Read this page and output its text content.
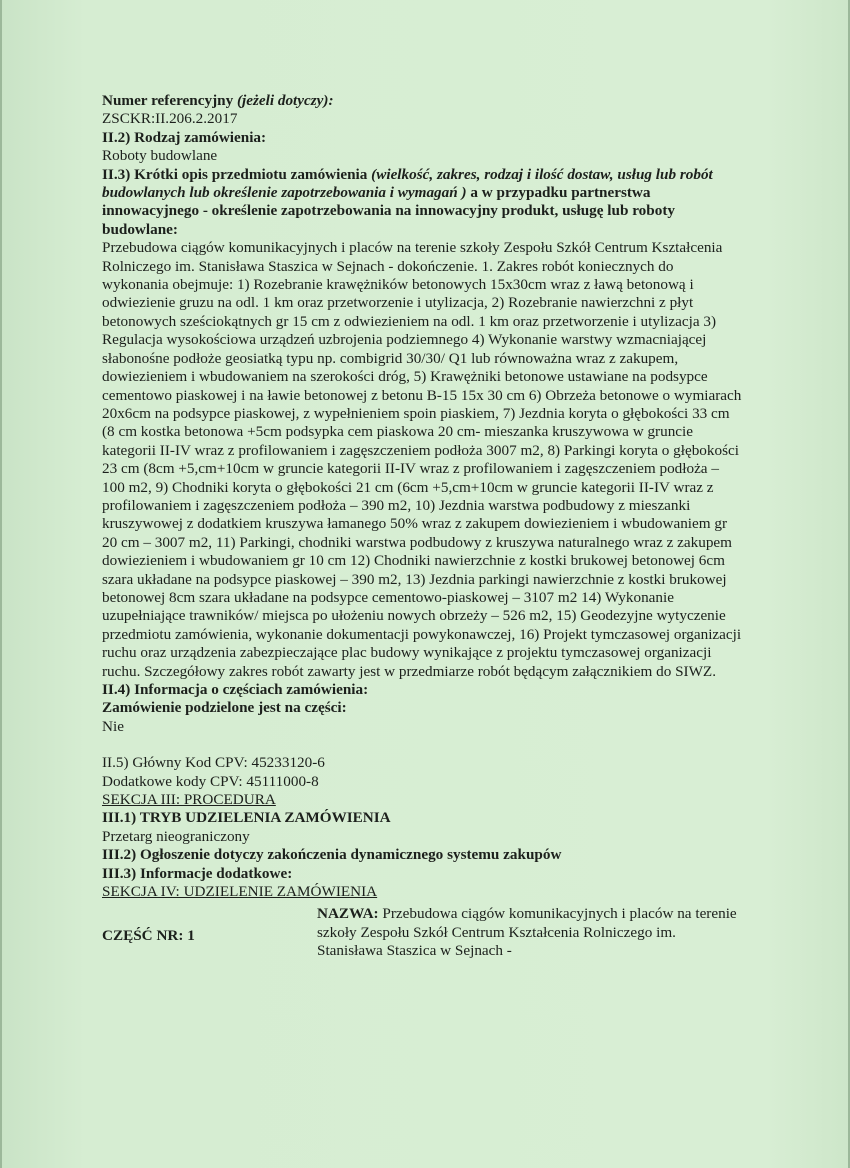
Numer referencyjny (jeżeli dotyczy):
ZSCKR:II.206.2.2017
II.2) Rodzaj zamówienia:
Roboty budowlane
II.3) Krótki opis przedmiotu zamówienia (wielkość, zakres, rodzaj i ilość dostaw, usług lub robót budowlanych lub określenie zapotrzebowania i wymagań ) a w przypadku partnerstwa innowacyjnego - określenie zapotrzebowania na innowacyjny produkt, usługę lub roboty budowlane:

Przebudowa ciągów komunikacyjnych i placów na terenie szkoły Zespołu Szkół Centrum Kształcenia Rolniczego im. Stanisława Staszica w Sejnach - dokończenie. 1. Zakres robót koniecznych do wykonania obejmuje: 1) Rozebranie krawężników betonowych 15x30cm wraz z ławą betonową i odwiezienie gruzu na odl. 1 km oraz przetworzenie i utylizacja, 2) Rozebranie nawierzchni z płyt betonowych sześciokątnych gr 15 cm z odwiezieniem na odl. 1 km oraz przetworzenie i utylizacja 3) Regulacja wysokościowa urządzeń uzbrojenia podziemnego 4) Wykonanie warstwy wzmacniającej słabonośne podłoże geosiatką typu np. combigrid 30/30/ Q1 lub równoważna wraz z zakupem, dowiezieniem i wbudowaniem na szerokości dróg, 5) Krawężniki betonowe ustawiane na podsypce cementowo piaskowej i na ławie betonowej z betonu B-15 15x 30 cm 6) Obrzeża betonowe o wymiarach 20x6cm na podsypce piaskowej, z wypełnieniem spoin piaskiem, 7) Jezdnia koryta o głębokości 33 cm (8 cm kostka betonowa +5cm podsypka cem piaskowa 20 cm- mieszanka kruszywowa w gruncie kategorii II-IV wraz z profilowaniem i zagęszczeniem podłoża 3007 m2, 8) Parkingi koryta o głębokości 23 cm (8cm +5,cm+10cm w gruncie kategorii II-IV wraz z profilowaniem i zagęszczeniem podłoża – 100 m2, 9) Chodniki koryta o głębokości 21 cm (6cm +5,cm+10cm w gruncie kategorii II-IV wraz z profilowaniem i zagęszczeniem podłoża – 390 m2, 10) Jezdnia warstwa podbudowy z mieszanki kruszywowej z dodatkiem kruszywa łamanego 50% wraz z zakupem dowiezieniem i wbudowaniem gr 20 cm – 3007 m2, 11) Parkingi, chodniki warstwa podbudowy z kruszywa naturalnego wraz z zakupem dowiezieniem i wbudowaniem gr 10 cm 12) Chodniki nawierzchnie z kostki brukowej betonowej 6cm szara układane na podsypce piaskowej – 390 m2, 13) Jezdnia parkingi nawierzchnie z kostki brukowej betonowej 8cm szara układane na podsypce cementowo-piaskowej – 3107 m2 14) Wykonanie uzupełniające trawników/ miejsca po ułożeniu nowych obrzeży – 526 m2, 15) Geodezyjne wytyczenie przedmiotu zamówienia, wykonanie dokumentacji powykonawczej, 16) Projekt tymczasowej organizacji ruchu oraz urządzenia zabezpieczające plac budowy wynikające z projektu tymczasowej organizacji ruchu. Szczegółowy zakres robót zawarty jest w przedmiarze robót będącym załącznikiem do SIWZ.

II.4) Informacja o częściach zamówienia:
Zamówienie podzielone jest na części:
Nie
II.5) Główny Kod CPV: 45233120-6
Dodatkowe kody CPV: 45111000-8
SEKCJA III: PROCEDURA
III.1) TRYB UDZIELENIA ZAMÓWIENIA
Przetarg nieograniczony
III.2) Ogłoszenie dotyczy zakończenia dynamicznego systemu zakupów
III.3) Informacje dodatkowe:
SEKCJA IV: UDZIELENIE ZAMÓWIENIA
CZĘŚĆ NR: 1
NAZWA: Przebudowa ciągów komunikacyjnych i placów na terenie szkoły Zespołu Szkół Centrum Kształcenia Rolniczego im. Stanisława Staszica w Sejnach -
